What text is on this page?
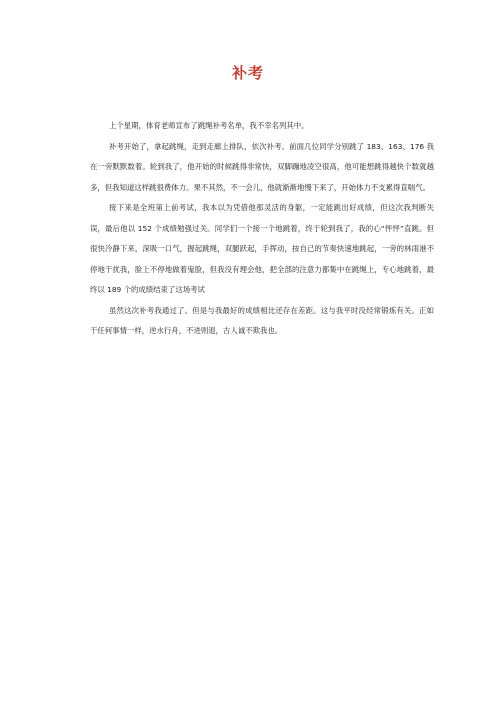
补考

上个星期，体育老师宣布了跳绳补考名单，我不幸名列其中。

补考开始了，拿起跳绳，走到走廊上排队，依次补考。前面几位同学分别跳了 183、163、176 我在一旁默默数着。轮到我了，他开始的时候跳得非常快，双脚蹦地凌空很高，他可能想跳得越快个数就越多，但我知道这样跳很费体力。果不其然，不一会儿，他就渐渐地慢下来了，开始体力不支累得直喘气。

接下来是全班第上前考试，我本以为凭借他那灵活的身躯，一定能跳出好成绩，但这次我判断失误，最后他以 152 个成绩勉强过关。同学们一个接一个地跳着，终于轮到我了，我的心“怦怦”直跳。但很快冷静下来，深吸一口气，握起跳绳，双腿跃起，手挥动，按自己的节奏快速地跳起，一旁的林雨港不停地干扰我，脸上不停地做着鬼脸，但我没有理会他，把全部的注意力都集中在跳绳上，专心地跳着，最终以 189 个的成绩结束了这场考试

虽然这次补考我通过了。但是与我最好的成绩相比还存在差距。这与我平时没经常锻炼有关。正如干任何事情一样，逆水行舟，不进则退，古人诚不欺我也。
